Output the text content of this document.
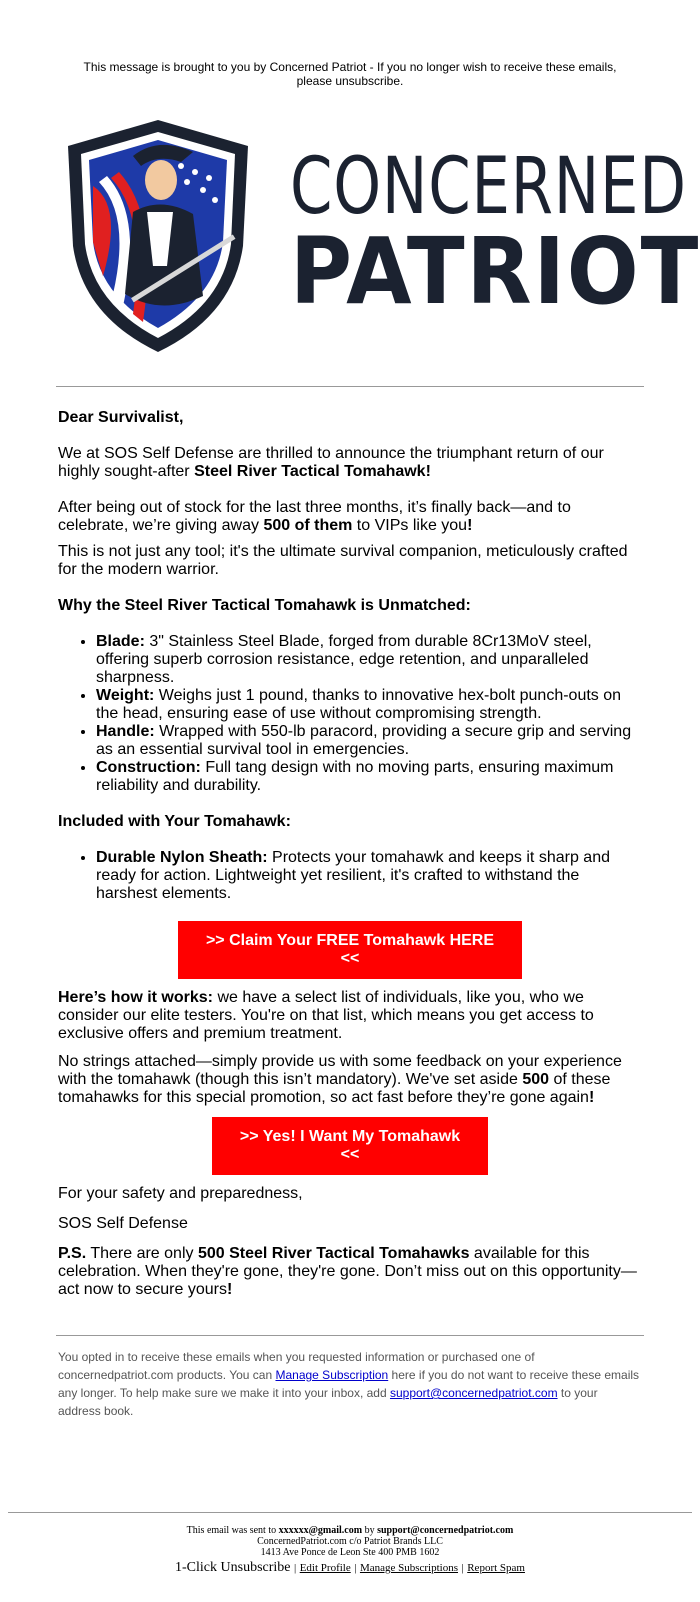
This message is brought to you by Concerned Patriot - If you no longer wish to receive these emails, please unsubscribe.
CONCERNED
PATRIOT

Dear Survivalist,

We at SOS Self Defense are thrilled to announce the triumphant return of our highly sought-after Steel River Tactical Tomahawk!

After being out of stock for the last three months, it’s finally back—and to celebrate, we’re giving away 500 of them to VIPs like you!

This is not just any tool; it's the ultimate survival companion, meticulously crafted for the modern warrior.

Why the Steel River Tactical Tomahawk is Unmatched:

• Blade: 3" Stainless Steel Blade, forged from durable 8Cr13MoV steel, offering superb corrosion resistance, edge retention, and unparalleled sharpness.
• Weight: Weighs just 1 pound, thanks to innovative hex-bolt punch-outs on the head, ensuring ease of use without compromising strength.
• Handle: Wrapped with 550-lb paracord, providing a secure grip and serving as an essential survival tool in emergencies.
• Construction: Full tang design with no moving parts, ensuring maximum reliability and durability.

Included with Your Tomahawk:

• Durable Nylon Sheath: Protects your tomahawk and keeps it sharp and ready for action. Lightweight yet resilient, it's crafted to withstand the harshest elements.
>> Claim Your FREE Tomahawk HERE <<

Here’s how it works: we have a select list of individuals, like you, who we consider our elite testers. You're on that list, which means you get access to exclusive offers and premium treatment.

No strings attached—simply provide us with some feedback on your experience with the tomahawk (though this isn’t mandatory). We've set aside 500 of these tomahawks for this special promotion, so act fast before they’re gone again!

>> Yes! I Want My Tomahawk <<

For your safety and preparedness,

SOS Self Defense

P.S. There are only 500 Steel River Tactical Tomahawks available for this celebration. When they're gone, they're gone. Don’t miss out on this opportunity—act now to secure yours!

You opted in to receive these emails when you requested information or purchased one of concernedpatriot.com products. You can Manage Subscription here if you do not want to receive these emails any longer. To help make sure we make it into your inbox, add support@concernedpatriot.com to your address book.
This email was sent to xxxxxx@gmail.com by support@concernedpatriot.com
ConcernedPatriot.com c/o Patriot Brands LLC
1413 Ave Ponce de Leon Ste 400 PMB 1602
1-Click Unsubscribe | Edit Profile | Manage Subscriptions | Report Spam
